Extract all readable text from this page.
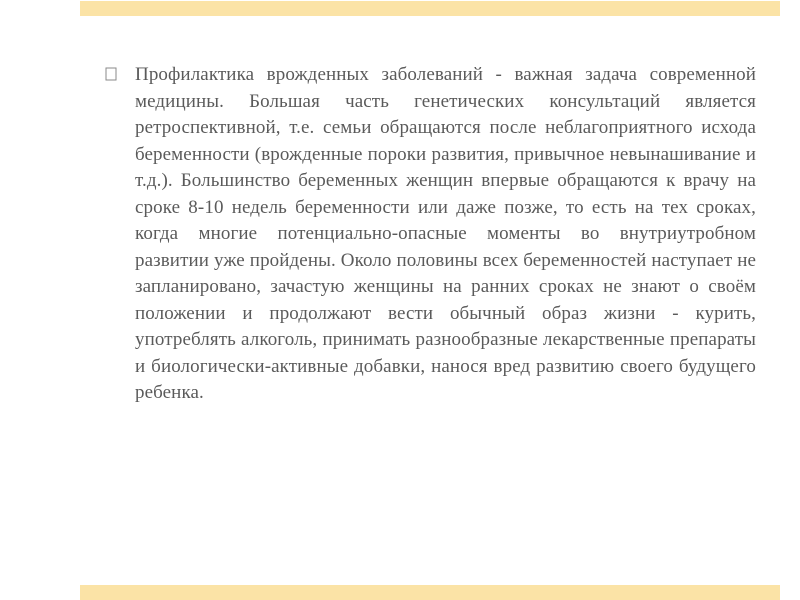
Профилактика врожденных заболеваний - важная задача современной медицины. Большая часть генетических консультаций является ретроспективной, т.е. семьи обращаются после неблагоприятного исхода беременности (врожденные пороки развития, привычное невынашивание и т.д.). Большинство беременных женщин впервые обращаются к врачу на сроке 8-10 недель беременности или даже позже, то есть на тех сроках, когда многие потенциально-опасные моменты во внутриутробном развитии уже пройдены. Около половины всех беременностей наступает не запланировано, зачастую женщины на ранних сроках не знают о своём положении и продолжают вести обычный образ жизни - курить, употреблять алкоголь, принимать разнообразные лекарственные препараты и биологически-активные добавки, нанося вред развитию своего будущего ребенка.
